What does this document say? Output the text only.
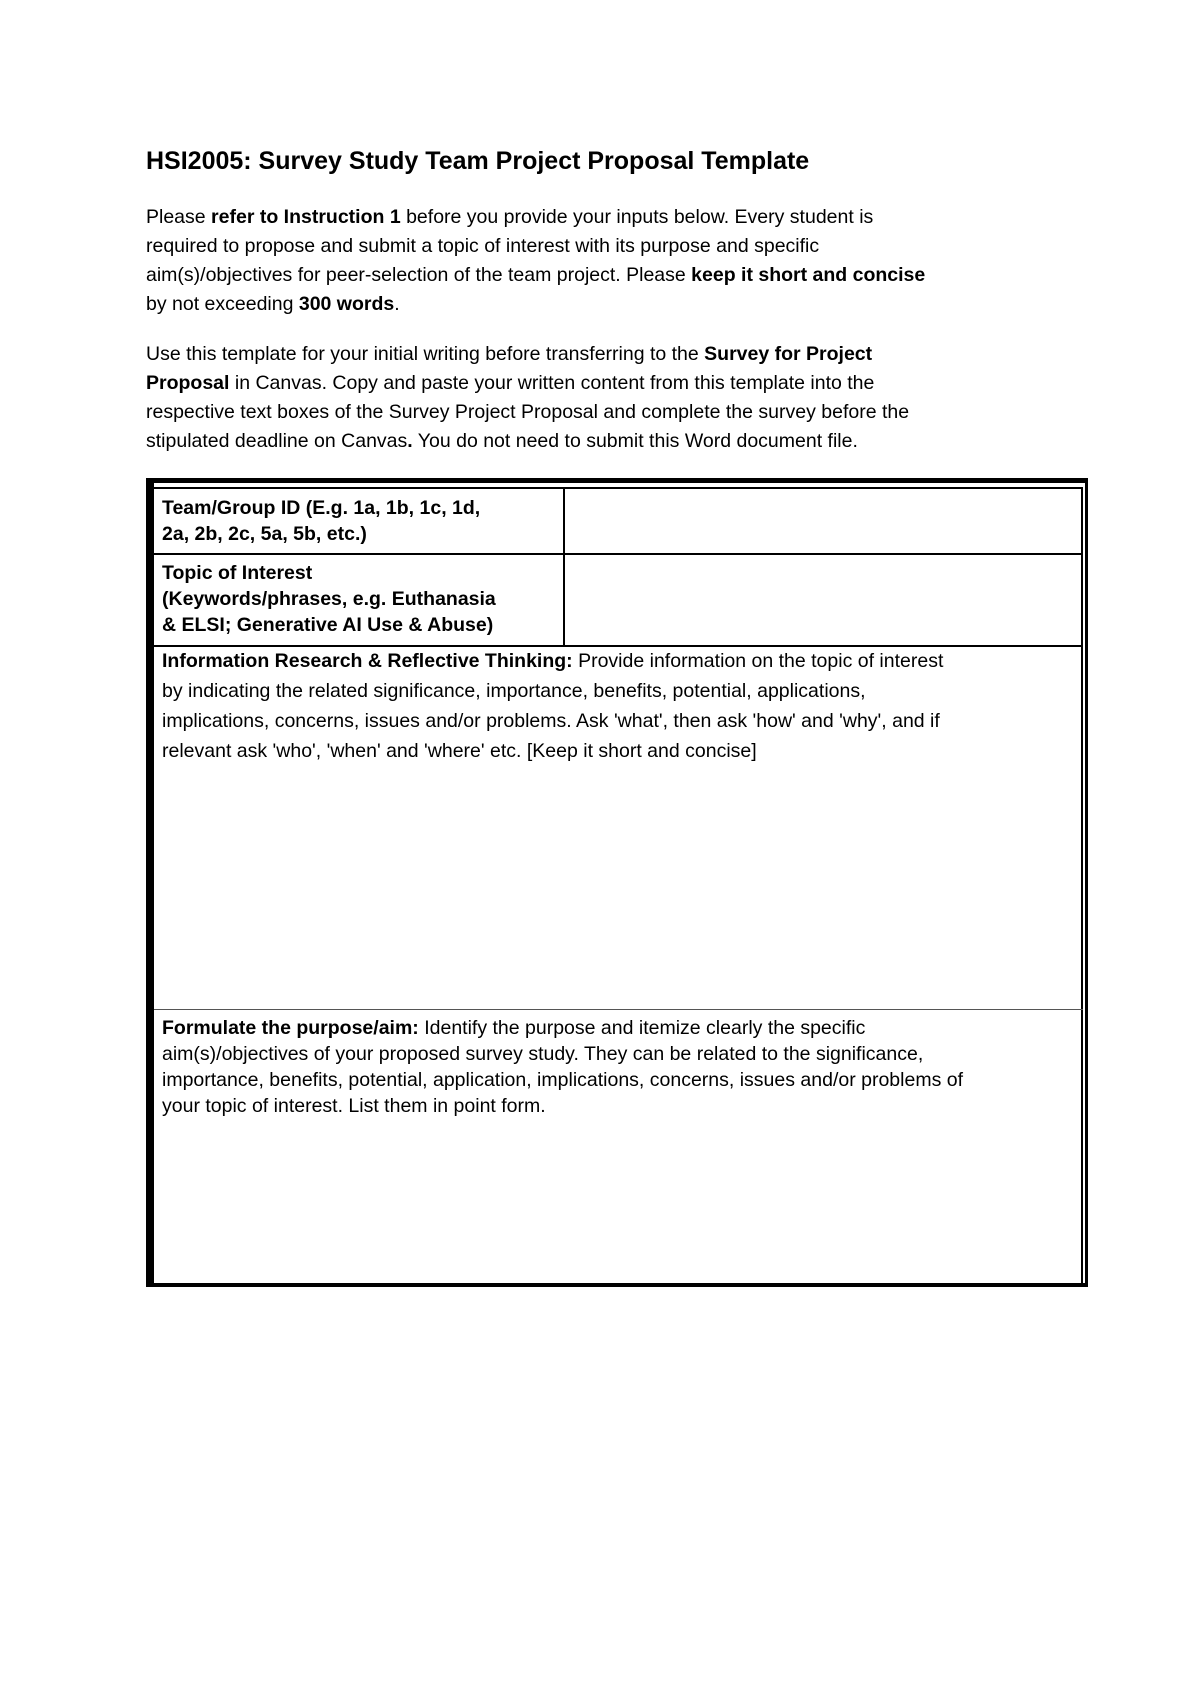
HSI2005: Survey Study Team Project Proposal Template

Please refer to Instruction 1 before you provide your inputs below. Every student is
required to propose and submit a topic of interest with its purpose and specific
aim(s)/objectives for peer-selection of the team project. Please keep it short and concise
by not exceeding 300 words.

Use this template for your initial writing before transferring to the Survey for Project
Proposal in Canvas. Copy and paste your written content from this template into the
respective text boxes of the Survey Project Proposal and complete the survey before the
stipulated deadline on Canvas. You do not need to submit this Word document file.

Team/Group ID (E.g. 1a, 1b, 1c, 1d,
2a, 2b, 2c, 5a, 5b, etc.)
Topic of Interest
(Keywords/phrases, e.g. Euthanasia
& ELSI; Generative AI Use & Abuse)
Information Research & Reflective Thinking: Provide information on the topic of interest
by indicating the related significance, importance, benefits, potential, applications,
implications, concerns, issues and/or problems. Ask 'what', then ask 'how' and 'why', and if
relevant ask 'who', 'when' and 'where' etc. [Keep it short and concise]
Formulate the purpose/aim: Identify the purpose and itemize clearly the specific
aim(s)/objectives of your proposed survey study. They can be related to the significance,
importance, benefits, potential, application, implications, concerns, issues and/or problems of
your topic of interest. List them in point form.
